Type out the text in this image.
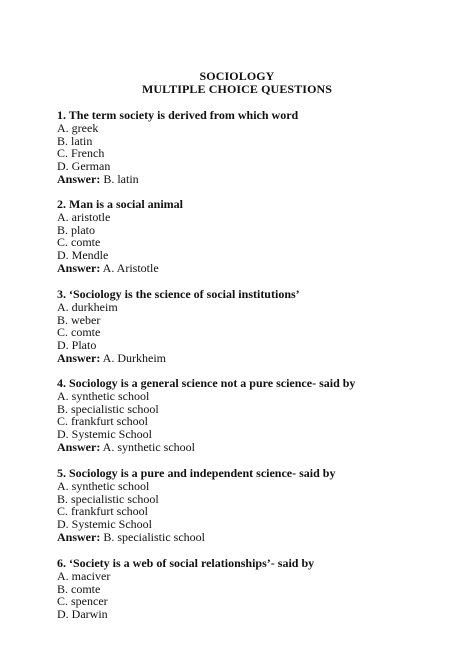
SOCIOLOGY
MULTIPLE CHOICE QUESTIONS
1. The term society is derived from which word
A. greek
B. latin
C. French
D. German
Answer: B. latin
2. Man is a social animal
A. aristotle
B. plato
C. comte
D. Mendle
Answer: A. Aristotle
3. ‘Sociology is the science of social institutions’
A. durkheim
B. weber
C. comte
D. Plato
Answer: A. Durkheim
4. Sociology is a general science not a pure science- said by
A. synthetic school
B. specialistic school
C. frankfurt school
D. Systemic School
Answer: A. synthetic school
5. Sociology is a pure and independent science- said by
A. synthetic school
B. specialistic school
C. frankfurt school
D. Systemic School
Answer: B. specialistic school
6. ‘Society is a web of social relationships’- said by
A. maciver
B. comte
C. spencer
D. Darwin
